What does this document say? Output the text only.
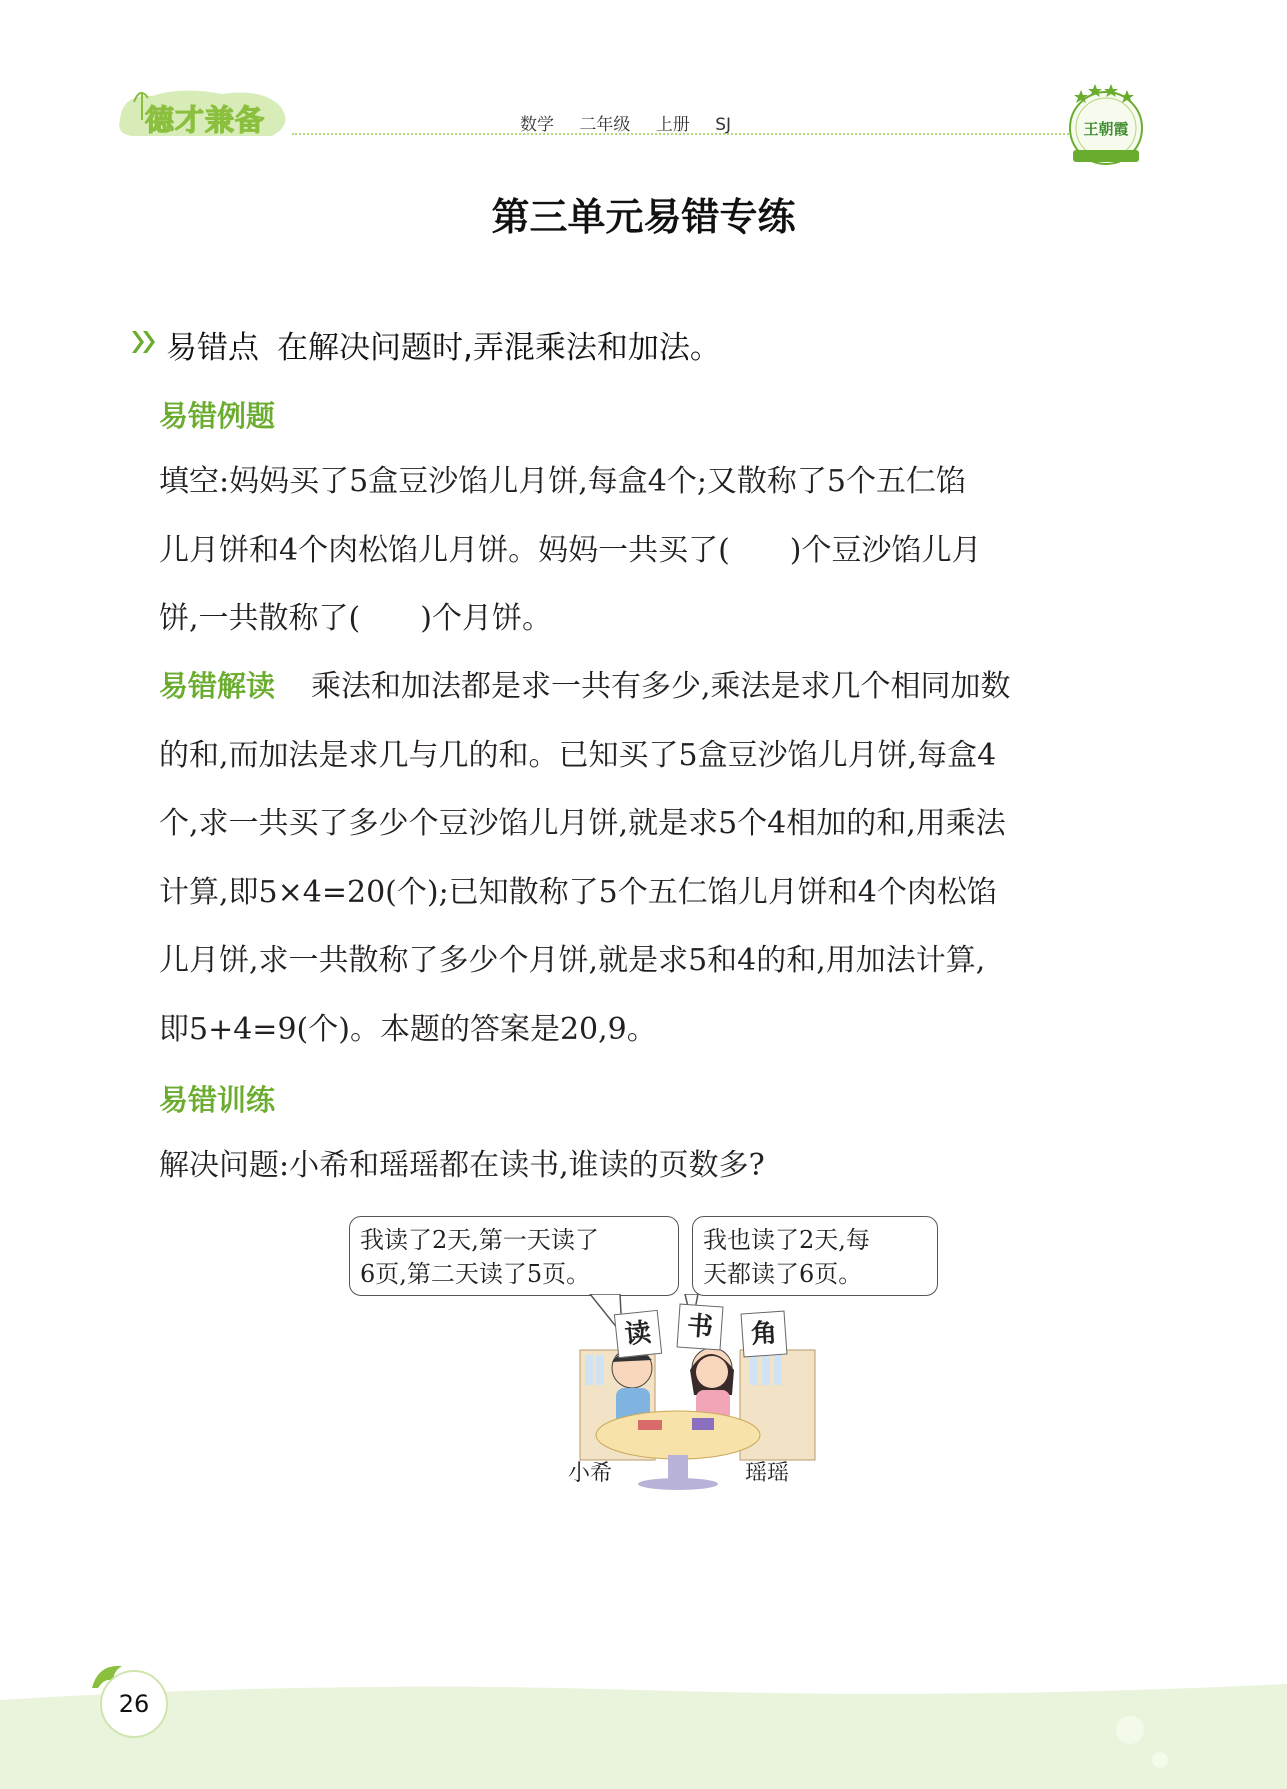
德才兼备	数学 二年级 上册 SJ	王朝霞
第三单元易错专练
易错点 在解决问题时,弄混乘法和加法。
易错例题

填空:妈妈买了5盒豆沙馅儿月饼,每盒4个;又散称了5个五仁馅

儿月饼和4个肉松馅儿月饼。妈妈一共买了(　　)个豆沙馅儿月

饼,一共散称了(　　)个月饼。

易错解读 乘法和加法都是求一共有多少,乘法是求几个相同加数

的和,而加法是求几与几的和。已知买了5盒豆沙馅儿月饼,每盒4

个,求一共买了多少个豆沙馅儿月饼,就是求5个4相加的和,用乘法

计算,即5×4=20(个);已知散称了5个五仁馅儿月饼和4个肉松馅

儿月饼,求一共散称了多少个月饼,就是求5和4的和,用加法计算,

即5+4=9(个)。本题的答案是20,9。

易错训练

解决问题:小希和瑶瑶都在读书,谁读的页数多?

我读了2天,第一天读了

6页,第二天读了5页。

我也读了2天,每

天都读了6页。

读	书	角
小希	瑶瑶
26
